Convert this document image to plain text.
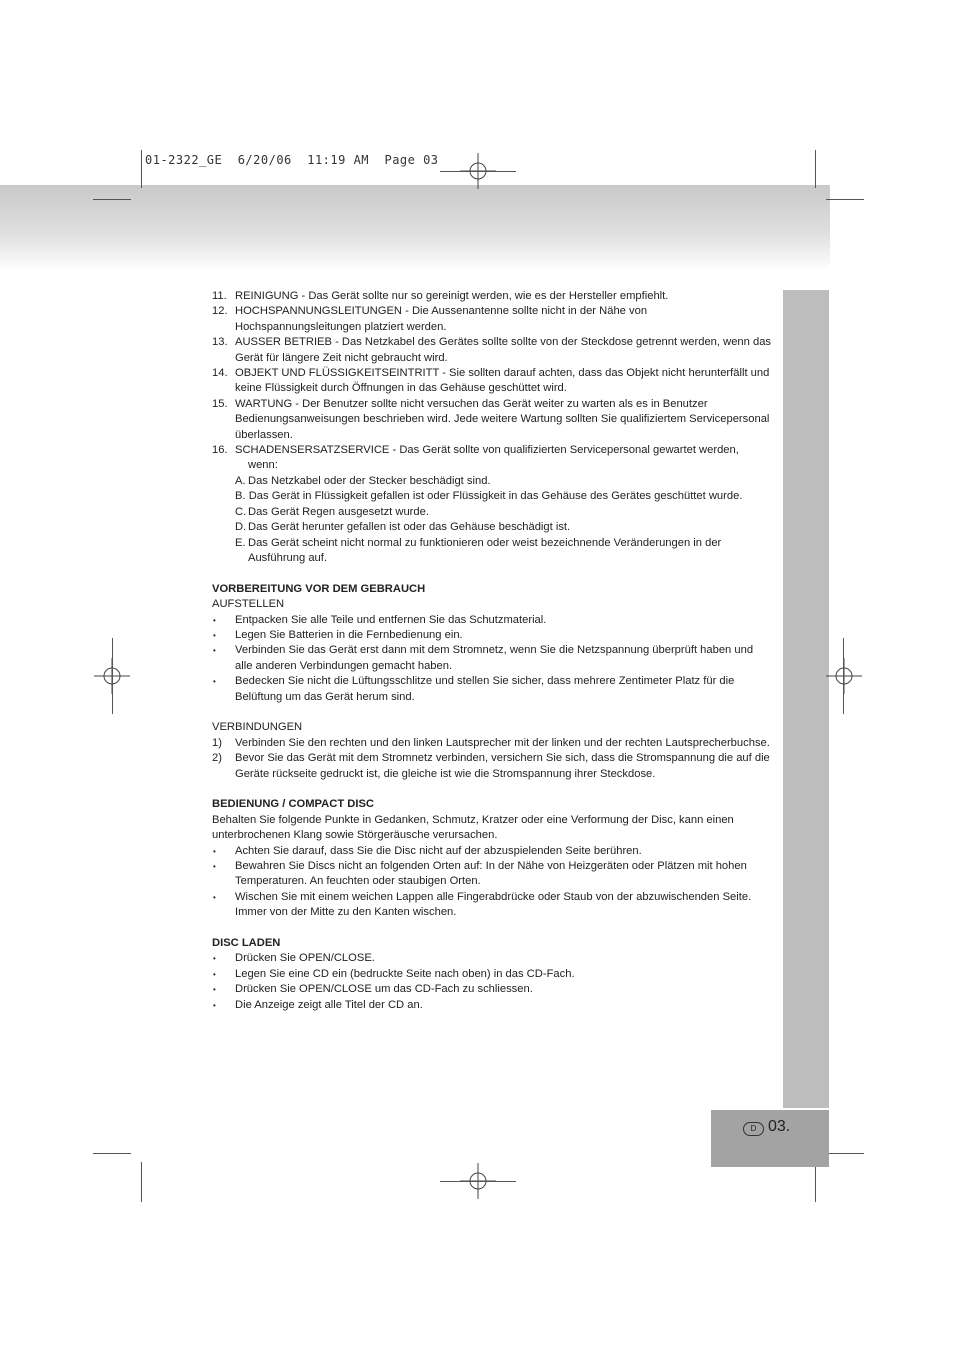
01-2322_GE  6/20/06  11:19 AM  Page 03
D 03.
11. REINIGUNG - Das Gerät sollte nur so gereinigt werden, wie es der Hersteller empfiehlt.
12. HOCHSPANNUNGSLEITUNGEN - Die Aussenantenne sollte nicht in der Nähe von Hochspannungsleitungen platziert werden.
13. AUSSER BETRIEB - Das Netzkabel des Gerätes sollte sollte von der Steckdose getrennt werden, wenn das Gerät für längere Zeit nicht gebraucht wird.
14. OBJEKT UND FLÜSSIGKEITSEINTRITT - Sie sollten darauf achten, dass das Objekt nicht herunterfällt und keine Flüssigkeit durch Öffnungen in das Gehäuse geschüttet wird.
15. WARTUNG - Der Benutzer sollte nicht versuchen das Gerät weiter zu warten als es in Benutzer Bedienungsanweisungen beschrieben wird. Jede weitere Wartung sollten Sie qualifiziertem Servicepersonal überlassen.
16. SCHADENSERSATZSERVICE - Das Gerät sollte von qualifizierten Servicepersonal gewartet werden,
wenn:
A. Das Netzkabel oder der Stecker beschädigt sind.
B. Das Gerät in Flüssigkeit gefallen ist oder Flüssigkeit in das Gehäuse des Gerätes geschüttet wurde.
C. Das Gerät Regen ausgesetzt wurde.
D. Das Gerät herunter gefallen ist oder das Gehäuse beschädigt ist.
E. Das Gerät scheint nicht normal zu funktionieren oder weist bezeichnende Veränderungen in der Ausführung auf.
VORBEREITUNG VOR DEM GEBRAUCH
AUFSTELLEN
• Entpacken Sie alle Teile und entfernen Sie das Schutzmaterial.
• Legen Sie Batterien in die Fernbedienung ein.
• Verbinden Sie das Gerät erst dann mit dem Stromnetz, wenn Sie die Netzspannung überprüft haben und alle anderen Verbindungen gemacht haben.
• Bedecken Sie nicht die Lüftungsschlitze und stellen Sie sicher, dass mehrere Zentimeter Platz für die Belüftung um das Gerät herum sind.
VERBINDUNGEN
1) Verbinden Sie den rechten und den linken Lautsprecher mit der linken und der rechten Lautsprecherbuchse.
2) Bevor Sie das Gerät mit dem Stromnetz verbinden, versichern Sie sich, dass die Stromspannung die auf die Geräte rückseite gedruckt ist, die gleiche ist wie die Stromspannung ihrer Steckdose.
BEDIENUNG / COMPACT DISC
Behalten Sie folgende Punkte in Gedanken, Schmutz, Kratzer oder eine Verformung der Disc, kann einen unterbrochenen Klang sowie Störgeräusche verursachen.
• Achten Sie darauf, dass Sie die Disc nicht auf der abzuspielenden Seite berühren.
• Bewahren Sie Discs nicht an folgenden Orten auf: In der Nähe von Heizgeräten oder Plätzen mit hohen Temperaturen. An feuchten oder staubigen Orten.
• Wischen Sie mit einem weichen Lappen alle Fingerabdrücke oder Staub von der abzuwischenden Seite. Immer von der Mitte zu den Kanten wischen.
DISC LADEN
• Drücken Sie OPEN/CLOSE.
• Legen Sie eine CD ein (bedruckte Seite nach oben) in das CD-Fach.
• Drücken Sie OPEN/CLOSE um das CD-Fach zu schliessen.
• Die Anzeige zeigt alle Titel der CD an.
